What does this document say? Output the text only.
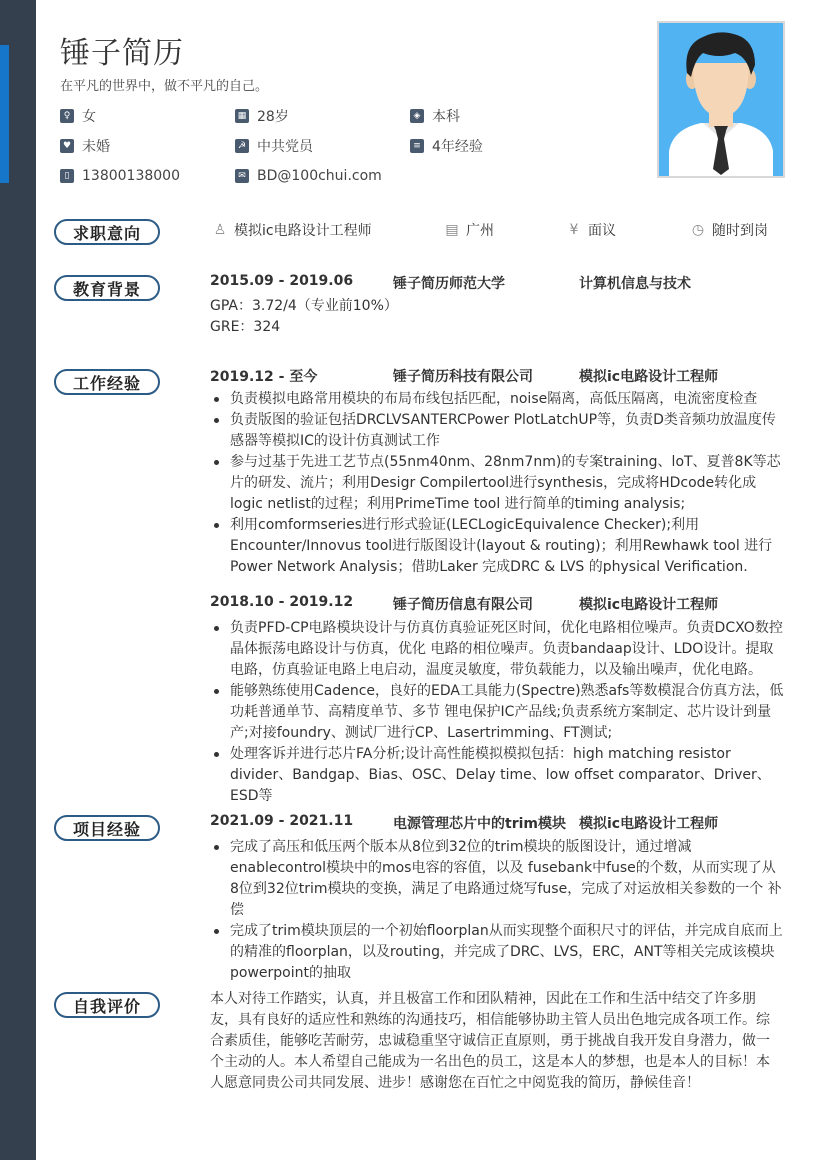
锤子简历
在平凡的世界中，做不平凡的自己。
♀ 女	▦ 28岁	◈ 本科
♥ 未婚	☭ 中共党员	≡ 4年经验
▯ 13800138000	✉ BD@100chui.com
求职意向	♙ 模拟ic电路设计工程师	▤ 广州	¥ 面议	◷ 随时到岗
教育背景	2015.09 - 2019.06	锤子简历师范大学	计算机信息与技术
GPA：3.72/4（专业前10%）
GRE：324
工作经验	2019.12 - 至今	锤子简历科技有限公司	模拟ic电路设计工程师
负责模拟电路常用模块的布局布线包括匹配，noise隔离，高低压隔离，电流密度检查
负责版图的验证包括DRCLVSANTERCPower PlotLatchUP等，负责D类音频功放温度传感器等模拟IC的设计仿真测试工作
参与过基于先进工艺节点(55nm40nm、28nm7nm)的专案training、loT、夏普8K等芯片的研发、流片；利用Desigr Compilertool进行synthesis，完成将HDcode转化成logic netlist的过程；利用PrimeTime tool 进行简单的timing analysis;
利用comformseries进行形式验证(LECLogicEquivalence Checker);利用Encounter/Innovus tool进行版图设计(layout & routing)；利用Rewhawk tool 进行Power Network Analysis；借助Laker 完成DRC & LVS 的physical Verification.
2018.10 - 2019.12	锤子简历信息有限公司	模拟ic电路设计工程师
负责PFD-CP电路模块设计与仿真仿真验证死区时间，优化电路相位噪声。负责DCXO数控晶体振荡电路设计与仿真，优化 电路的相位噪声。负责bandaap设计、LDO设计。提取电路，仿真验证电路上电启动，温度灵敏度，带负载能力，以及输出噪声，优化电路。
能够熟练使用Cadence，良好的EDA工具能力(Spectre)熟悉afs等数模混合仿真方法，低功耗普通单节、高精度单节、多节 锂电保护IC产品线;负责系统方案制定、芯片设计到量产;对接foundry、测试厂进行CP、Lasertrimming、FT测试;
处理客诉并进行芯片FA分析;设计高性能模拟模拟包括：high matching resistor divider、Bandgap、Bias、OSC、Delay time、low offset comparator、Driver、ESD等
项目经验	2021.09 - 2021.11	电源管理芯片中的trim模块 模拟ic电路设计工程师
完成了高压和低压两个版本从8位到32位的trim模块的版图设计，通过增减enablecontrol模块中的mos电容的容值，以及 fusebank中fuse的个数，从而实现了从8位到32位trim模块的变换，满足了电路通过烧写fuse，完成了对运放相关参数的一个 补偿
完成了trim模块顶层的一个初始floorplan从而实现整个面积尺寸的评估，并完成自底而上的精准的floorplan，以及routing，并完成了DRC、LVS，ERC，ANT等相关完成该模块powerpoint的抽取
自我评价	本人对待工作踏实，认真，并且极富工作和团队精神，因此在工作和生活中结交了许多朋友，具有良好的适应性和熟练的沟通技巧，相信能够协助主管人员出色地完成各项工作。综合素质佳，能够吃苦耐劳，忠诚稳重坚守诚信正直原则，勇于挑战自我开发自身潜力，做一个主动的人。本人希望自己能成为一名出色的员工，这是本人的梦想，也是本人的目标！本人愿意同贵公司共同发展、进步！感谢您在百忙之中阅览我的简历，静候佳音！
